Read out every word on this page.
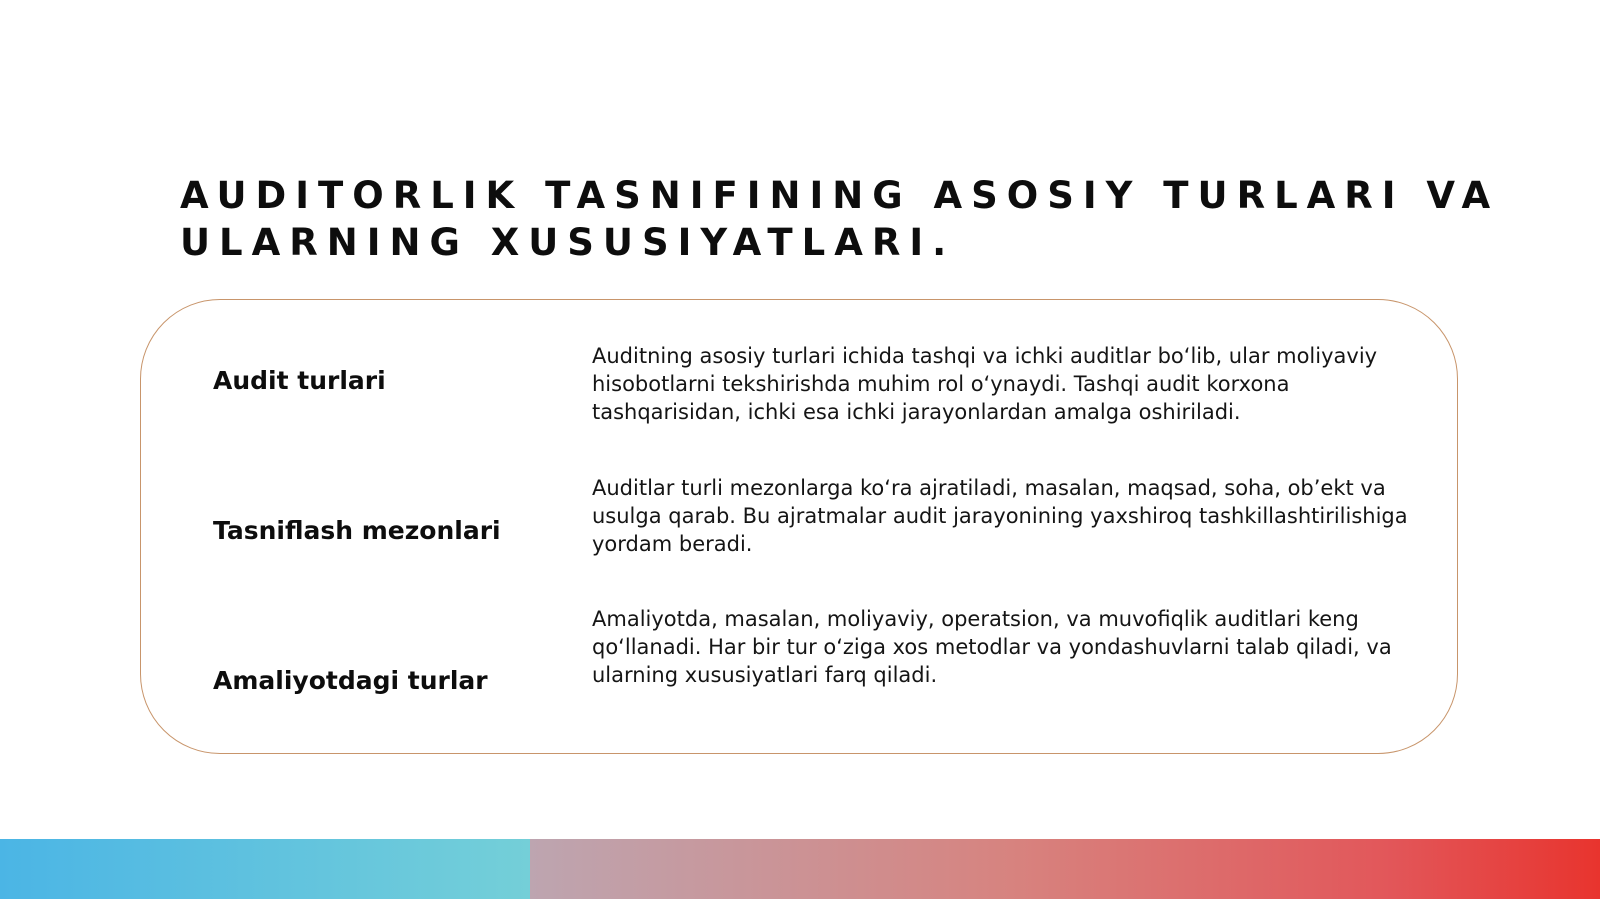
AUDITORLIK TASNIFINING ASOSIY TURLARI VA ULARNING XUSUSIYATLARI.
Audit turlari
Auditning asosiy turlari ichida tashqi va ichki auditlar bo‘lib, ular moliyaviy hisobotlarni tekshirishda muhim rol o‘ynaydi. Tashqi audit korxona tashqarisidan, ichki esa ichki jarayonlardan amalga oshiriladi.
Tasniflash mezonlari
Auditlar turli mezonlarga ko‘ra ajratiladi, masalan, maqsad, soha, ob’ekt va usulga qarab. Bu ajratmalar audit jarayonining yaxshiroq tashkillashtirilishiga yordam beradi.
Amaliyotdagi turlar
Amaliyotda, masalan, moliyaviy, operatsion, va muvofiqlik auditlari keng qo‘llanadi. Har bir tur o‘ziga xos metodlar va yondashuvlarni talab qiladi, va ularning xususiyatlari farq qiladi.
